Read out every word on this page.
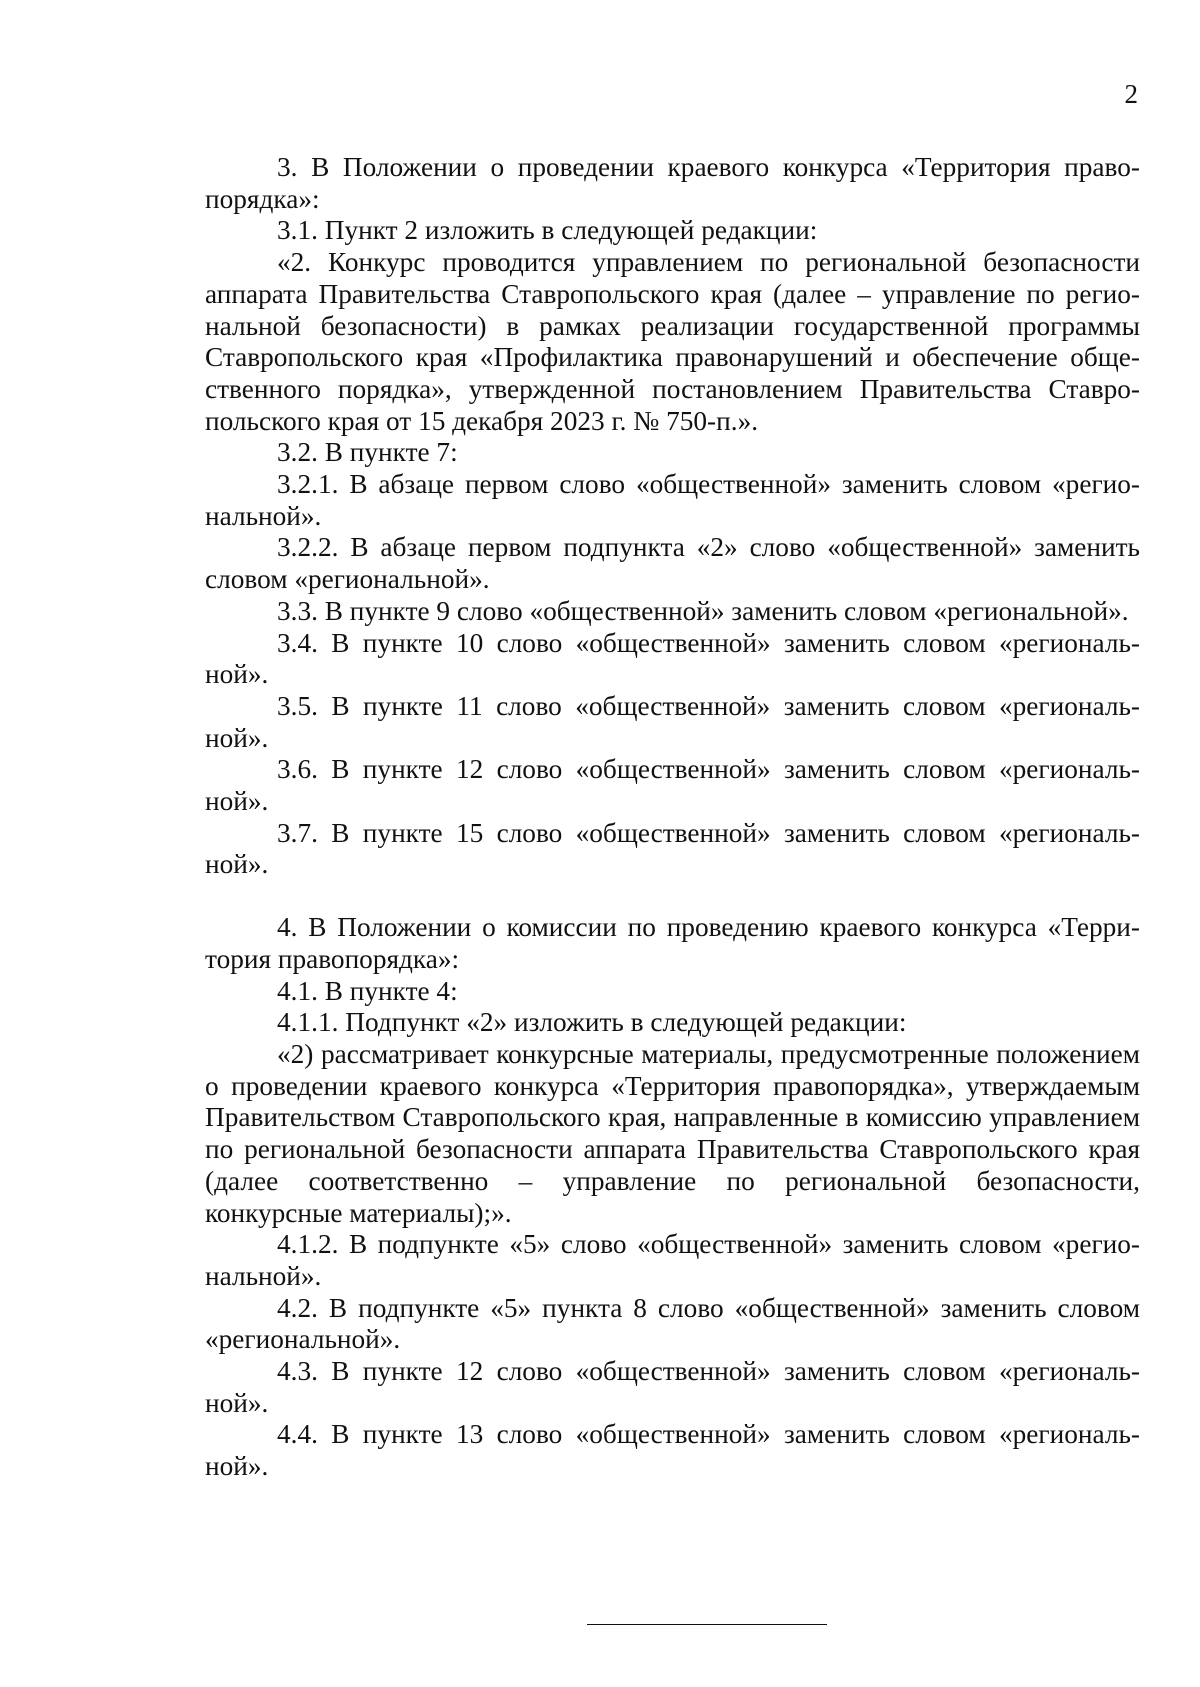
2

3. В Положении о проведении краевого конкурса «Территория правопорядка»:

3.1. Пункт 2 изложить в следующей редакции:

«2. Конкурс проводится управлением по региональной безопасности аппарата Правительства Ставропольского края (далее – управление по региональной безопасности) в рамках реализации государственной программы Ставропольского края «Профилактика правонарушений и обеспечение общественного порядка», утвержденной постановлением Правительства Ставропольского края от 15 декабря 2023 г. № 750-п.».

3.2. В пункте 7:

3.2.1. В абзаце первом слово «общественной» заменить словом «региональной».

3.2.2. В абзаце первом подпункта «2» слово «общественной» заменить словом «региональной».

3.3. В пункте 9 слово «общественной» заменить словом «региональной».

3.4. В пункте 10 слово «общественной» заменить словом «региональной».

3.5. В пункте 11 слово «общественной» заменить словом «региональной».

3.6. В пункте 12 слово «общественной» заменить словом «региональной».

3.7. В пункте 15 слово «общественной» заменить словом «региональной».

4. В Положении о комиссии по проведению краевого конкурса «Территория правопорядка»:

4.1. В пункте 4:

4.1.1. Подпункт «2» изложить в следующей редакции:

«2) рассматривает конкурсные материалы, предусмотренные положением о проведении краевого конкурса «Территория правопорядка», утверждаемым Правительством Ставропольского края, направленные в комиссию управлением по региональной безопасности аппарата Правительства Ставропольского края (далее соответственно – управление по региональной безопасности, конкурсные материалы);».

4.1.2. В подпункте «5» слово «общественной» заменить словом «региональной».

4.2. В подпункте «5» пункта 8 слово «общественной» заменить словом «региональной».

4.3. В пункте 12 слово «общественной» заменить словом «региональной».

4.4. В пункте 13 слово «общественной» заменить словом «региональной».
